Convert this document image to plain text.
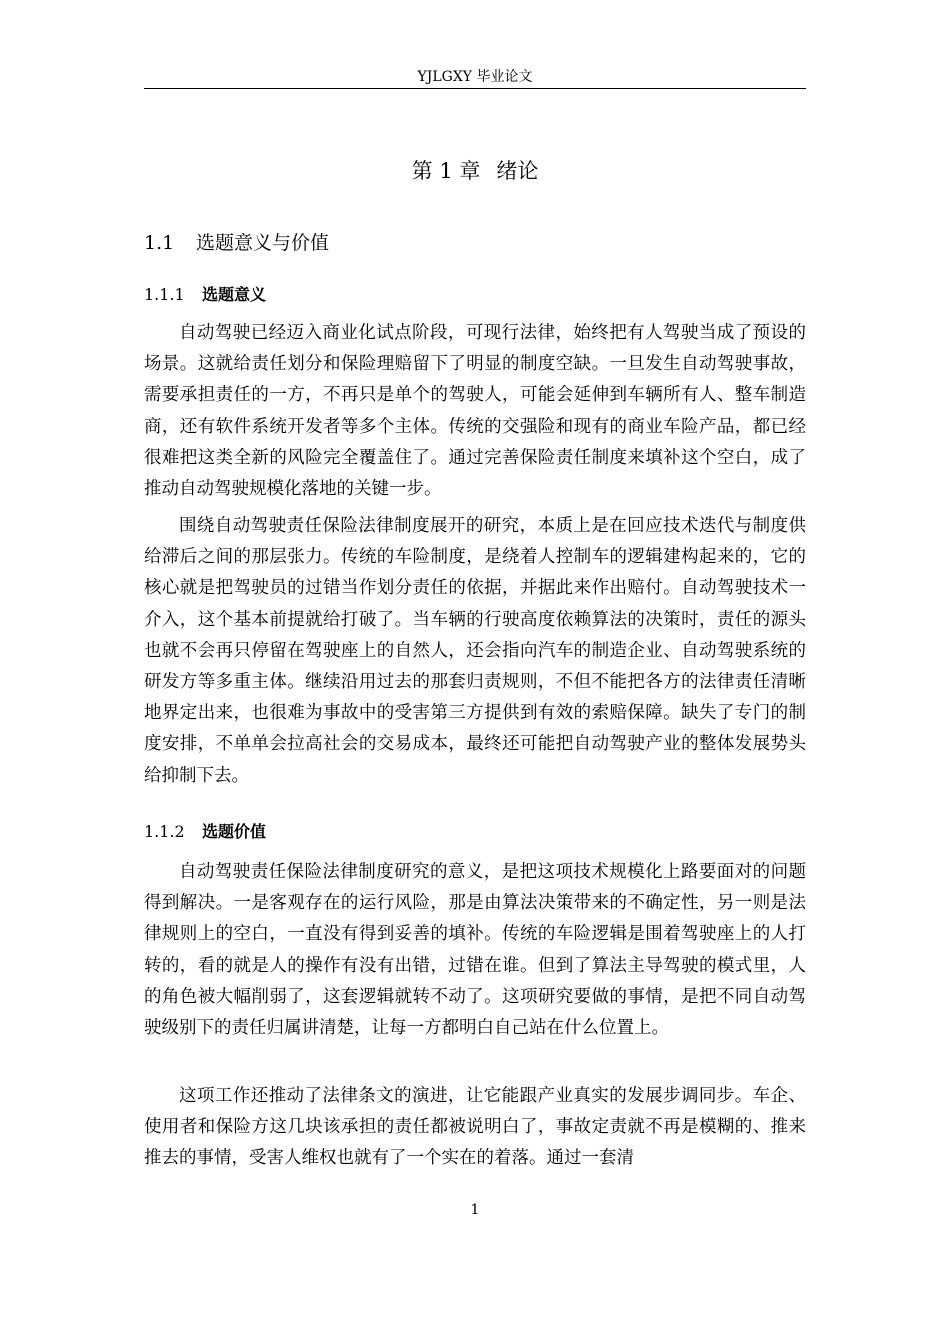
YJLGXY 毕业论文
第 1 章 绪论
1.1 选题意义与价值
1.1.1 选题意义

自动驾驶已经迈入商业化试点阶段，可现行法律，始终把有人驾驶当成了预设的场景。这就给责任划分和保险理赔留下了明显的制度空缺。一旦发生自动驾驶事故，需要承担责任的一方，不再只是单个的驾驶人，可能会延伸到车辆所有人、整车制造商，还有软件系统开发者等多个主体。传统的交强险和现有的商业车险产品，都已经很难把这类全新的风险完全覆盖住了。通过完善保险责任制度来填补这个空白，成了推动自动驾驶规模化落地的关键一步。

围绕自动驾驶责任保险法律制度展开的研究，本质上是在回应技术迭代与制度供给滞后之间的那层张力。传统的车险制度，是绕着人控制车的逻辑建构起来的，它的核心就是把驾驶员的过错当作划分责任的依据，并据此来作出赔付。自动驾驶技术一介入，这个基本前提就给打破了。当车辆的行驶高度依赖算法的决策时，责任的源头也就不会再只停留在驾驶座上的自然人，还会指向汽车的制造企业、自动驾驶系统的研发方等多重主体。继续沿用过去的那套归责规则，不但不能把各方的法律责任清晰地界定出来，也很难为事故中的受害第三方提供到有效的索赔保障。缺失了专门的制度安排，不单单会拉高社会的交易成本，最终还可能把自动驾驶产业的整体发展势头给抑制下去。

1.1.2 选题价值

自动驾驶责任保险法律制度研究的意义，是把这项技术规模化上路要面对的问题得到解决。一是客观存在的运行风险，那是由算法决策带来的不确定性，另一则是法律规则上的空白，一直没有得到妥善的填补。传统的车险逻辑是围着驾驶座上的人打转的，看的就是人的操作有没有出错，过错在谁。但到了算法主导驾驶的模式里，人的角色被大幅削弱了，这套逻辑就转不动了。这项研究要做的事情，是把不同自动驾驶级别下的责任归属讲清楚，让每一方都明白自己站在什么位置上。

这项工作还推动了法律条文的演进，让它能跟产业真实的发展步调同步。车企、使用者和保险方这几块该承担的责任都被说明白了，事故定责就不再是模糊的、推来推去的事情，受害人维权也就有了一个实在的着落。通过一套清

1
